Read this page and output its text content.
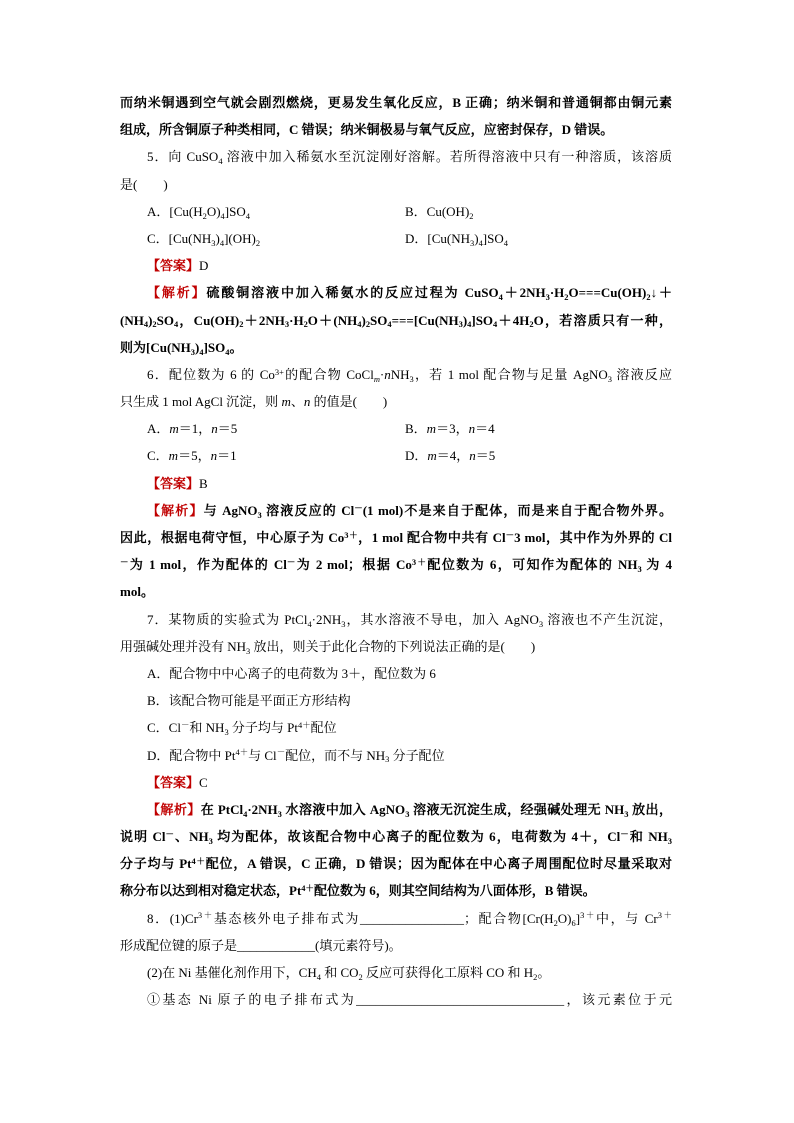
而纳米铜遇到空气就会剧烈燃烧，更易发生氧化反应，B 正确；纳米铜和普通铜都由铜元素
组成，所含铜原子种类相同，C 错误；纳米铜极易与氧气反应，应密封保存，D 错误。
5．向 CuSO$_4$ 溶液中加入稀氨水至沉淀刚好溶解。若所得溶液中只有一种溶质，该溶质
是(　　)
A．$[Cu(H_2O)_4]SO_4$	B．$Cu(OH)_2$
C．$[Cu(NH_3)_4](OH)_2$	D．$[Cu(NH_3)_4]SO_4$
【答案】D
【解析】硫酸铜溶液中加入稀氨水的反应过程为 $CuSO_4+2NH_3\cdot H_2O===Cu(OH)_2↓+$
$(NH_4)_2SO_4$，$Cu(OH)_2+2NH_3\cdot H_2O+(NH_4)_2SO_4===[Cu(NH_3)_4]SO_4+4H_2O$，若溶质只有一种，
则为$[Cu(NH_3)_4]SO_4$。
6．配位数为 6 的 $Co^{3+}$的配合物 CoCl$_m$·nNH$_3$，若 1 mol 配合物与足量 AgNO$_3$ 溶液反应
只生成 1 mol AgCl 沉淀，则 m、n 的值是(　　)
A．m＝1，n＝5	B．m＝3，n＝4
C．m＝5，n＝1	D．m＝4，n＝5
【答案】B
【解析】与 AgNO$_3$ 溶液反应的 Cl－(1 mol)不是来自于配体，而是来自于配合物外界。
因此，根据电荷守恒，中心原子为 $Co^{3+}$，1 mol 配合物中共有 Cl－3 mol，其中作为外界的 Cl
－为 1 mol，作为配体的 Cl－为 2 mol；根据 $Co^{3+}$配位数为 6，可知作为配体的 $NH_3$ 为 4
mol。
7．某物质的实验式为 $PtCl_4\cdot 2NH_3$，其水溶液不导电，加入 AgNO$_3$ 溶液也不产生沉淀，
用强碱处理并没有 $NH_3$ 放出，则关于此化合物的下列说法正确的是(　　)
A．配合物中中心离子的电荷数为 3＋，配位数为 6
B．该配合物可能是平面正方形结构
C．Cl－和 $NH_3$ 分子均与 $Pt^{4+}$配位
D．配合物中 $Pt^{4+}$与 Cl－配位，而不与 $NH_3$ 分子配位
【答案】C
【解析】在 $PtCl_4\cdot 2NH_3$ 水溶液中加入 AgNO$_3$ 溶液无沉淀生成，经强碱处理无 $NH_3$ 放出，
说明 Cl－、$NH_3$ 均为配体，故该配合物中心离子的配位数为 6，电荷数为 4＋，Cl－和 $NH_3$
分子均与 $Pt^{4+}$配位，A 错误，C 正确，D 错误；因为配体在中心离子周围配位时尽量采取对
称分布以达到相对稳定状态，$Pt^{4+}$配位数为 6，则其空间结构为八面体形，B 错误。
8．$(1)Cr^{3+}$基态核外电子排布式为________________；配合物$[Cr(H_2O)_6]^{3+}$中，与 $Cr^{3+}$
形成配位键的原子是____________(填元素符号)。
(2)在 Ni 基催化剂作用下，$CH_4$ 和 $CO_2$ 反应可获得化工原料 CO 和 $H_2$。
①基态 Ni 原子的电子排布式为________________________________，该元素位于元
